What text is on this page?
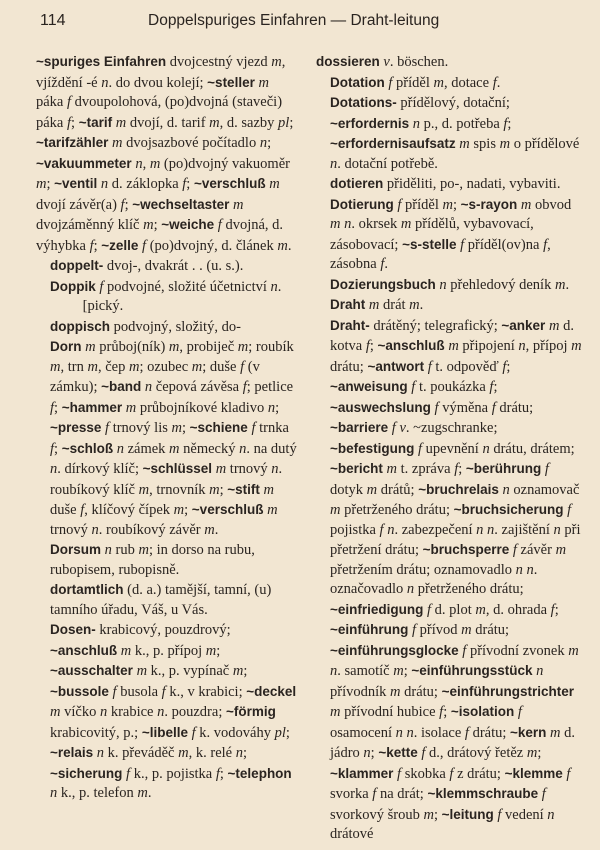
114	Doppelspuriges Einfahren — Draht-leitung

~spuriges Einfahren dvojcestný vjezd m, vjíždění -é n. do dvou kolejí; ~steller m páka f dvoupolohová, (po)dvojná (staveči) páka f; ~tarif m dvojí, d. tarif m, d. sazby pl; ~tarifzähler m dvojsazbové počítadlo n; ~vakuummeter n, m (po)dvojný vakuoměr m; ~ventil n d. záklopka f; ~verschluß m dvojí závěr(a) f; ~wechseltaster m dvojzáměnný klíč m; ~weiche f dvojná, d. výhybka f; ~zelle f (po)dvojný, d. článek m.

doppelt- dvoj-, dvakrát . . (u. s.).

Doppik f podvojné, složité účetnictví n.          [pický.

doppisch podvojný, složitý, do-

Dorn m průboj(ník) m, probiječ m; roubík m, trn m, čep m; ozubec m; duše f (v zámku); ~band n čepová závěsa f; petlice f; ~hammer m průbojníkové kladivo n; ~presse f trnový lis m; ~schiene f trnka f; ~schloß n zámek m německý n. na dutý n. dírkový klíč; ~schlüssel m trnový n. roubíkový klíč m, trnovník m; ~stift m duše f, klíčový čípek m; ~verschluß m trnový n. roubíkový závěr m.

Dorsum n rub m; in dorso na rubu, rubopisem, rubopisně.

dortamtlich (d. a.) tamější, tamní, (u) tamního úřadu, Váš, u Vás.

Dosen- krabicový, pouzdrový; ~anschluß m k., p. přípoj m; ~ausschalter m k., p. vypínač m; ~bussole f busola f k., v krabici; ~deckel m víčko n krabice n. pouzdra; ~förmig krabicovitý, p.; ~libelle f k. vodováhy pl; ~relais n k. převáděč m, k. relé n; ~sicherung f k., p. pojistka f; ~telephon n k., p. telefon m.

dossieren v. böschen.

Dotation f příděl m, dotace f.

Dotations- přídělový, dotační; ~erfordernis n p., d. potřeba f; ~erfordernisaufsatz m spis m o přídělové n. dotační potřebě.

dotieren přiděliti, po-, nadati, vybaviti.

Dotierung f příděl m; ~s-rayon m obvod m n. okrsek m přídělů, vybavovací, zásobovací; ~s-stelle f příděl(ov)na f, zásobna f.

Dozierungsbuch n přehledový deník m.

Draht m drát m.

Draht- drátěný; telegrafický; ~anker m d. kotva f; ~anschluß m připojení n, přípoj m drátu; ~antwort f t. odpověď f; ~anweisung f t. poukázka f; ~auswechslung f výměna f drátu; ~barriere f v. ~zugschranke; ~befestigung f upevnění n drátu, drátem; ~bericht m t. zpráva f; ~berührung f dotyk m drátů; ~bruchrelais n oznamovač m přetrženého drátu; ~bruchsicherung f pojistka f n. zabezpečení n n. zajištění n při přetržení drátu; ~bruchsperre f závěr m přetržením drátu; oznamovadlo n n. označovadlo n přetrženého drátu; ~einfriedigung f d. plot m, d. ohrada f; ~einführung f přívod m drátu; ~einführungsglocke f přívodní zvonek m n. samotíč m; ~einführungsstück n přívodník m drátu; ~einführungstrichter m přívodní hubice f; ~isolation f osamocení n n. isolace f drátu; ~kern m d. jádro n; ~kette f d., drátový řetěz m; ~klammer f skobka f z drátu; ~klemme f svorka f na drát; ~klemmschraube f svorkový šroub m; ~leitung f vedení n drátové
